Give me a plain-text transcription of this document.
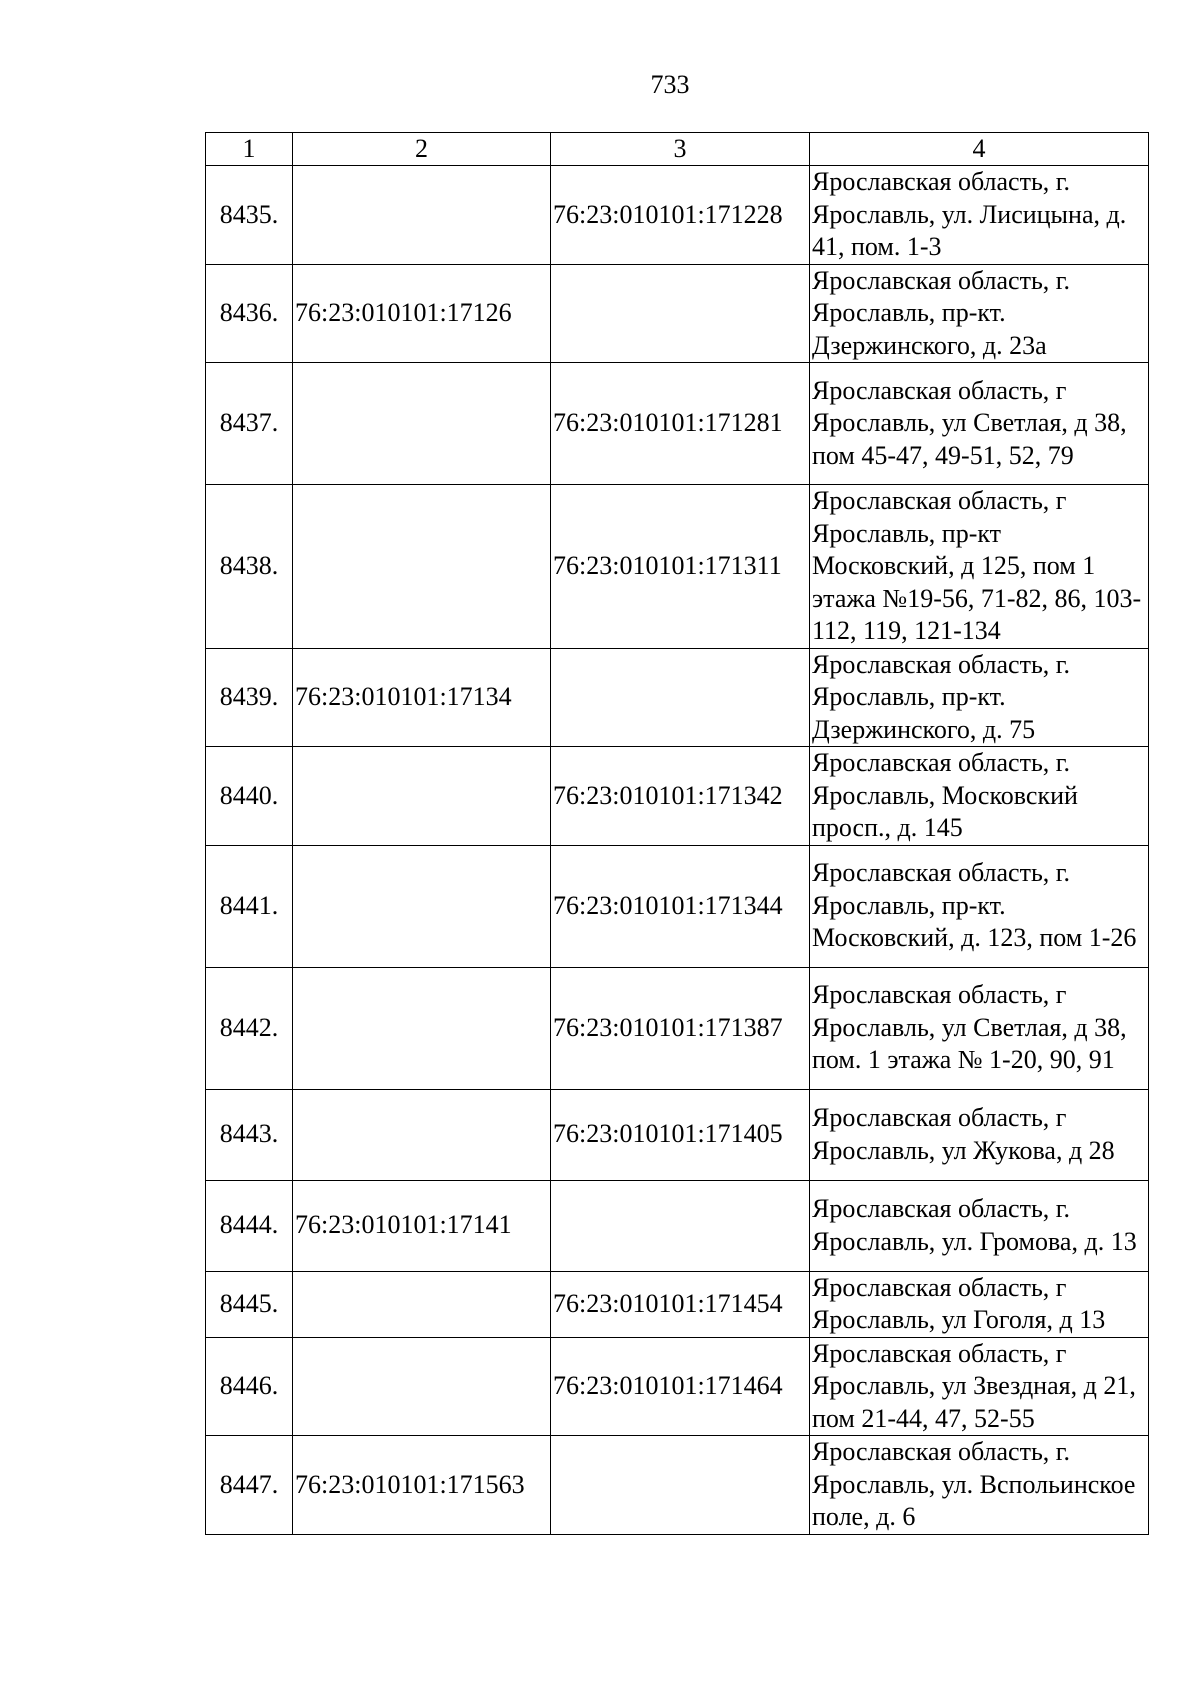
733
1	2	3	4
8435.		76:23:010101:171228	Ярославская область, г. Ярославль, ул. Лисицына, д. 41, пом. 1-3
8436.	76:23:010101:17126		Ярославская область, г. Ярославль, пр-кт. Дзержинского, д. 23а
8437.		76:23:010101:171281	Ярославская область, г Ярославль, ул Светлая, д 38, пом 45-47, 49-51, 52, 79
8438.		76:23:010101:171311	Ярославская область, г Ярославль, пр-кт Московский, д 125, пом 1 этажа №19-56, 71-82, 86, 103-112, 119, 121-134
8439.	76:23:010101:17134		Ярославская область, г. Ярославль, пр-кт. Дзержинского, д. 75
8440.		76:23:010101:171342	Ярославская область, г. Ярославль, Московский просп., д. 145
8441.		76:23:010101:171344	Ярославская область, г. Ярославль, пр-кт. Московский, д. 123, пом 1-26
8442.		76:23:010101:171387	Ярославская область, г Ярославль, ул Светлая, д 38, пом. 1 этажа № 1-20, 90, 91
8443.		76:23:010101:171405	Ярославская область, г Ярославль, ул Жукова, д 28
8444.	76:23:010101:17141		Ярославская область, г. Ярославль, ул. Громова, д. 13
8445.		76:23:010101:171454	Ярославская область, г Ярославль, ул Гоголя, д 13
8446.		76:23:010101:171464	Ярославская область, г Ярославль, ул Звездная, д 21, пом 21-44, 47, 52-55
8447.	76:23:010101:171563		Ярославская область, г. Ярославль, ул. Вспольинское поле, д. 6
